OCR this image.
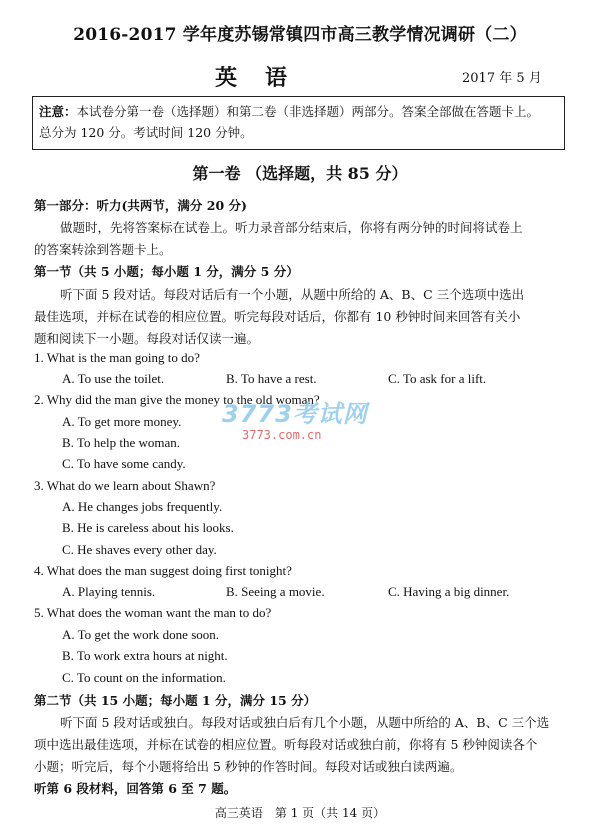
2016-2017 学年度苏锡常镇四市高三教学情况调研（二）
英语	2017 年 5 月
注意：本试卷分第一卷（选择题）和第二卷（非选择题）两部分。答案全部做在答题卡上。
总分为 120 分。考试时间 120 分钟。
第一卷 （选择题，共 85 分）
第一部分：听力(共两节，满分 20 分)
做题时，先将答案标在试卷上。听力录音部分结束后，你将有两分钟的时间将试卷上
的答案转涂到答题卡上。
第一节（共 5 小题；每小题 1 分，满分 5 分）
听下面 5 段对话。每段对话后有一个小题，从题中所给的 A、B、C 三个选项中选出
最佳选项，并标在试卷的相应位置。听完每段对话后，你都有 10 秒钟时间来回答有关小
题和阅读下一小题。每段对话仅读一遍。
1. What is the man going to do?
A. To use the toilet.	B. To have a rest.	C. To ask for a lift.
2. Why did the man give the money to the old woman?
A. To get more money.
B. To help the woman.
C. To have some candy.
3. What do we learn about Shawn?
A. He changes jobs frequently.
B. He is careless about his looks.
C. He shaves every other day.
4. What does the man suggest doing first tonight?
A. Playing tennis.	B. Seeing a movie.	C. Having a big dinner.
5. What does the woman want the man to do?
A. To get the work done soon.
B. To work extra hours at night.
C. To count on the information.
第二节（共 15 小题；每小题 1 分，满分 15 分）
听下面 5 段对话或独白。每段对话或独白后有几个小题，从题中所给的 A、B、C 三个选
项中选出最佳选项，并标在试卷的相应位置。听每段对话或独白前，你将有 5 秒钟阅读各个
小题；听完后，每个小题将给出 5 秒钟的作答时间。每段对话或独白读两遍。
听第 6 段材料，回答第 6 至 7 题。
3773考试网
3773.com.cn
高三英语　第 1 页（共 14 页）
